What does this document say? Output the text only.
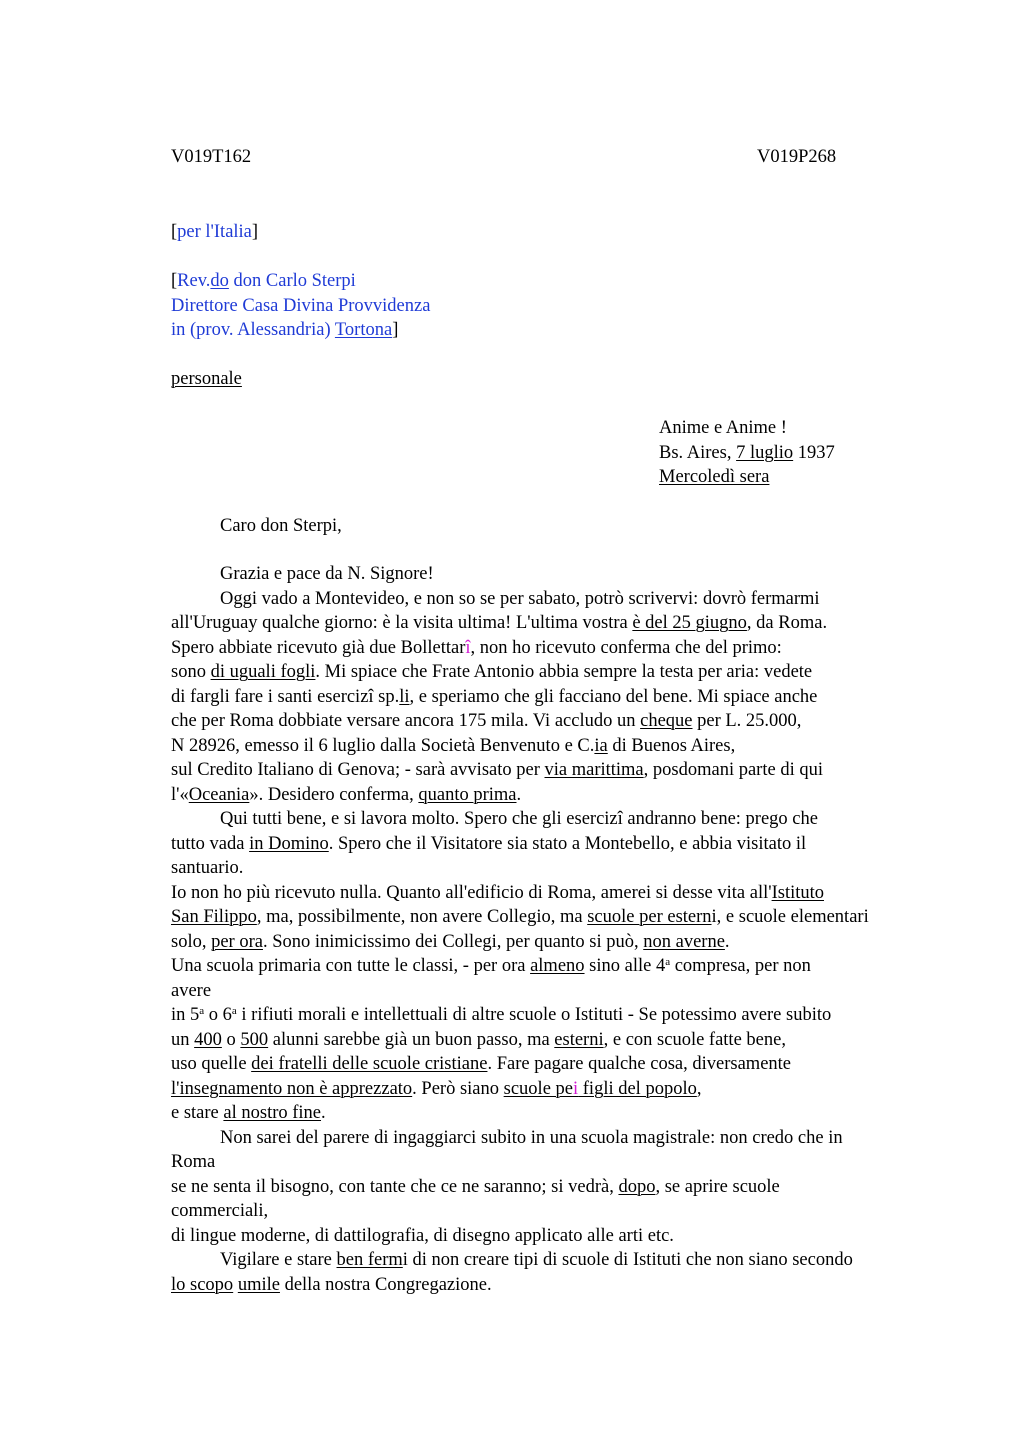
V019T162	V019P268
[per l'Italia]
[Rev.do don Carlo Sterpi
Direttore Casa Divina Provvidenza
in (prov. Alessandria) Tortona]
personale
Anime e Anime !
Bs. Aires, 7 luglio 1937
Mercoledì sera
Caro don Sterpi,
Grazia e pace da N. Signore!
Oggi vado a Montevideo, e non so se per sabato, potrò scrivervi: dovrò fermarmi
all'Uruguay qualche giorno: è la visita ultima! L'ultima vostra è del 25 giugno, da Roma.
Spero abbiate ricevuto già due Bollettarî, non ho ricevuto conferma che del primo:
sono di uguali fogli. Mi spiace che Frate Antonio abbia sempre la testa per aria: vedete
di fargli fare i santi esercizî sp.li, e speriamo che gli facciano del bene. Mi spiace anche
che per Roma dobbiate versare ancora 175 mila. Vi accludo un cheque per L. 25.000,
N 28926, emesso il 6 luglio dalla Società Benvenuto e C.ia di Buenos Aires,
sul Credito Italiano di Genova; - sarà avvisato per via marittima, posdomani parte di qui
l'«Oceania». Desidero conferma, quanto prima.
Qui tutti bene, e si lavora molto. Spero che gli esercizî andranno bene: prego che
tutto vada in Domino. Spero che il Visitatore sia stato a Montebello, e abbia visitato il
santuario.
Io non ho più ricevuto nulla. Quanto all'edificio di Roma, amerei si desse vita all'Istituto
San Filippo, ma, possibilmente, non avere Collegio, ma scuole per esterni, e scuole elementari
solo, per ora. Sono inimicissimo dei Collegi, per quanto si può, non averne.
Una scuola primaria con tutte le classi, - per ora almeno sino alle 4$^a$ compresa, per non
avere
in 5$^a$ o 6$^a$ i rifiuti morali e intellettuali di altre scuole o Istituti - Se potessimo avere subito
un 400 o 500 alunni sarebbe già un buon passo, ma esterni, e con scuole fatte bene,
uso quelle dei fratelli delle scuole cristiane. Fare pagare qualche cosa, diversamente
l'insegnamento non è apprezzato. Però siano scuole pei figli del popolo,
e stare al nostro fine.
Non sarei del parere di ingaggiarci subito in una scuola magistrale: non credo che in
Roma
se ne senta il bisogno, con tante che ce ne saranno; si vedrà, dopo, se aprire scuole
commerciali,
di lingue moderne, di dattilografia, di disegno applicato alle arti etc.
Vigilare e stare ben fermi di non creare tipi di scuole di Istituti che non siano secondo
lo scopo umile della nostra Congregazione.
